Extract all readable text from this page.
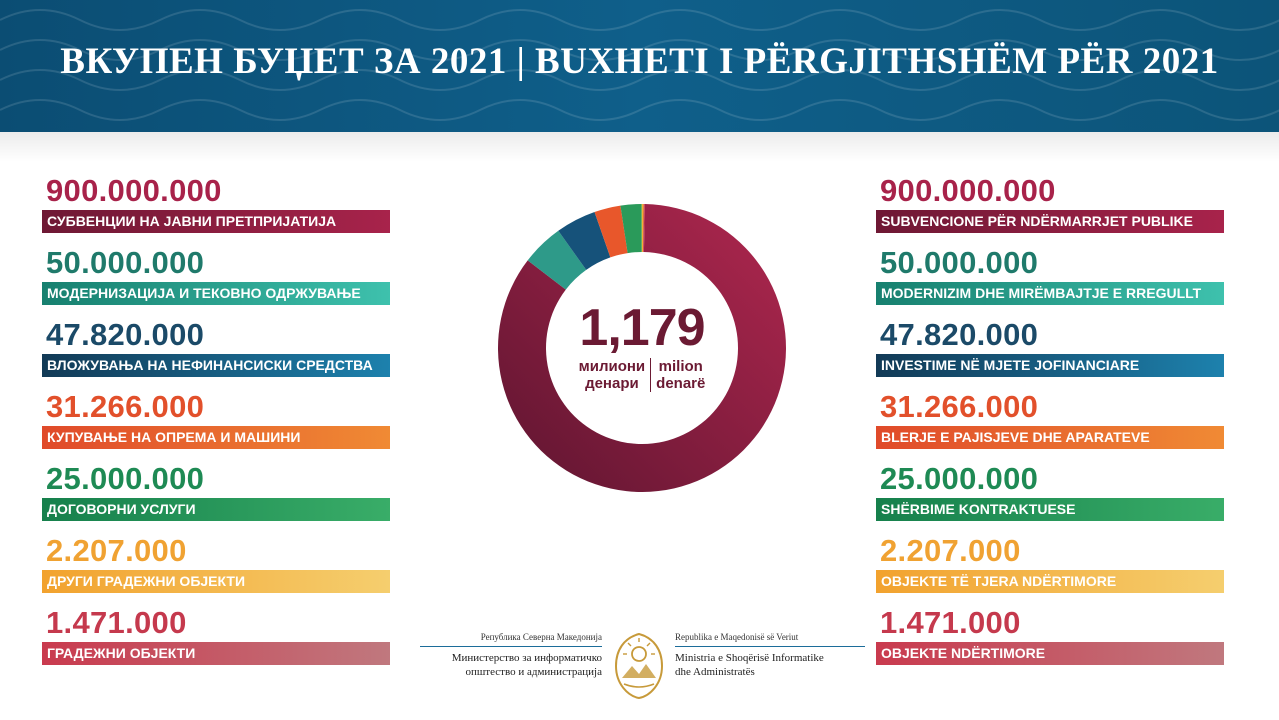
ВКУПЕН БУЏЕТ ЗА 2021 | BUXHETI I PËRGJITHSHËM PËR 2021
900.000.000
СУБВЕНЦИИ НА ЈАВНИ ПРЕТПРИЈАТИЈА
50.000.000
МОДЕРНИЗАЦИЈА И ТЕКОВНО ОДРЖУВАЊЕ
47.820.000
ВЛОЖУВАЊА НА НЕФИНАНСИСКИ СРЕДСТВА
31.266.000
КУПУВАЊЕ НА ОПРЕМА И МАШИНИ
25.000.000
ДОГОВОРНИ УСЛУГИ
2.207.000
ДРУГИ ГРАДЕЖНИ ОБЈЕКТИ
1.471.000
ГРАДЕЖНИ ОБЈЕКТИ
900.000.000
SUBVENCIONE PËR NDËRMARRJET PUBLIKE
50.000.000
MODERNIZIM DHE MIRËMBAJTJE E RREGULLT
47.820.000
INVESTIME NË MJETE JOFINANCIARE
31.266.000
BLERJE E PAJISJEVE DHE APARATEVE
25.000.000
SHËRBIME KONTRAKTUESE
2.207.000
OBJEKTE TË TJERA NDËRTIMORE
1.471.000
OBJEKTE NDËRTIMORE
1,179
милиони
денари
milion
denarë
Република Северна Македонија
Министерство за информатичко
општество и администрација
Republika e Maqedonisë së Veriut
Ministria e Shoqërisë Informatike
dhe Administratës
